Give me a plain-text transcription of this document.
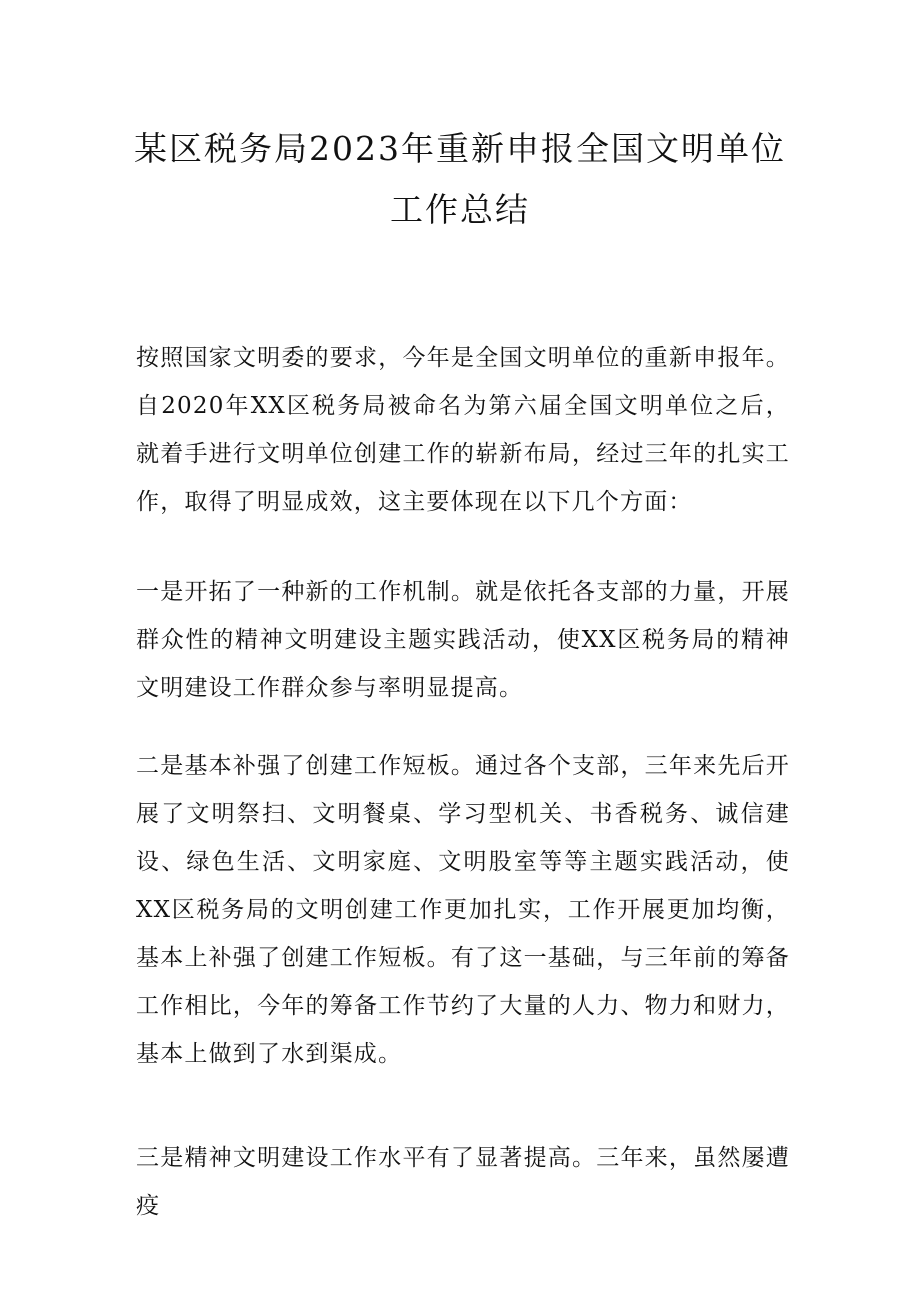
某区税务局2023年重新申报全国文明单位
工作总结
按照国家文明委的要求，今年是全国文明单位的重新申报年。自2020年XX区税务局被命名为第六届全国文明单位之后，就着手进行文明单位创建工作的崭新布局，经过三年的扎实工作，取得了明显成效，这主要体现在以下几个方面：
一是开拓了一种新的工作机制。就是依托各支部的力量，开展群众性的精神文明建设主题实践活动，使XX区税务局的精神文明建设工作群众参与率明显提高。
二是基本补强了创建工作短板。通过各个支部，三年来先后开展了文明祭扫、文明餐桌、学习型机关、书香税务、诚信建设、绿色生活、文明家庭、文明股室等等主题实践活动，使XX区税务局的文明创建工作更加扎实，工作开展更加均衡，基本上补强了创建工作短板。有了这一基础，与三年前的筹备工作相比，今年的筹备工作节约了大量的人力、物力和财力，基本上做到了水到渠成。
三是精神文明建设工作水平有了显著提高。三年来，虽然屡遭疫
